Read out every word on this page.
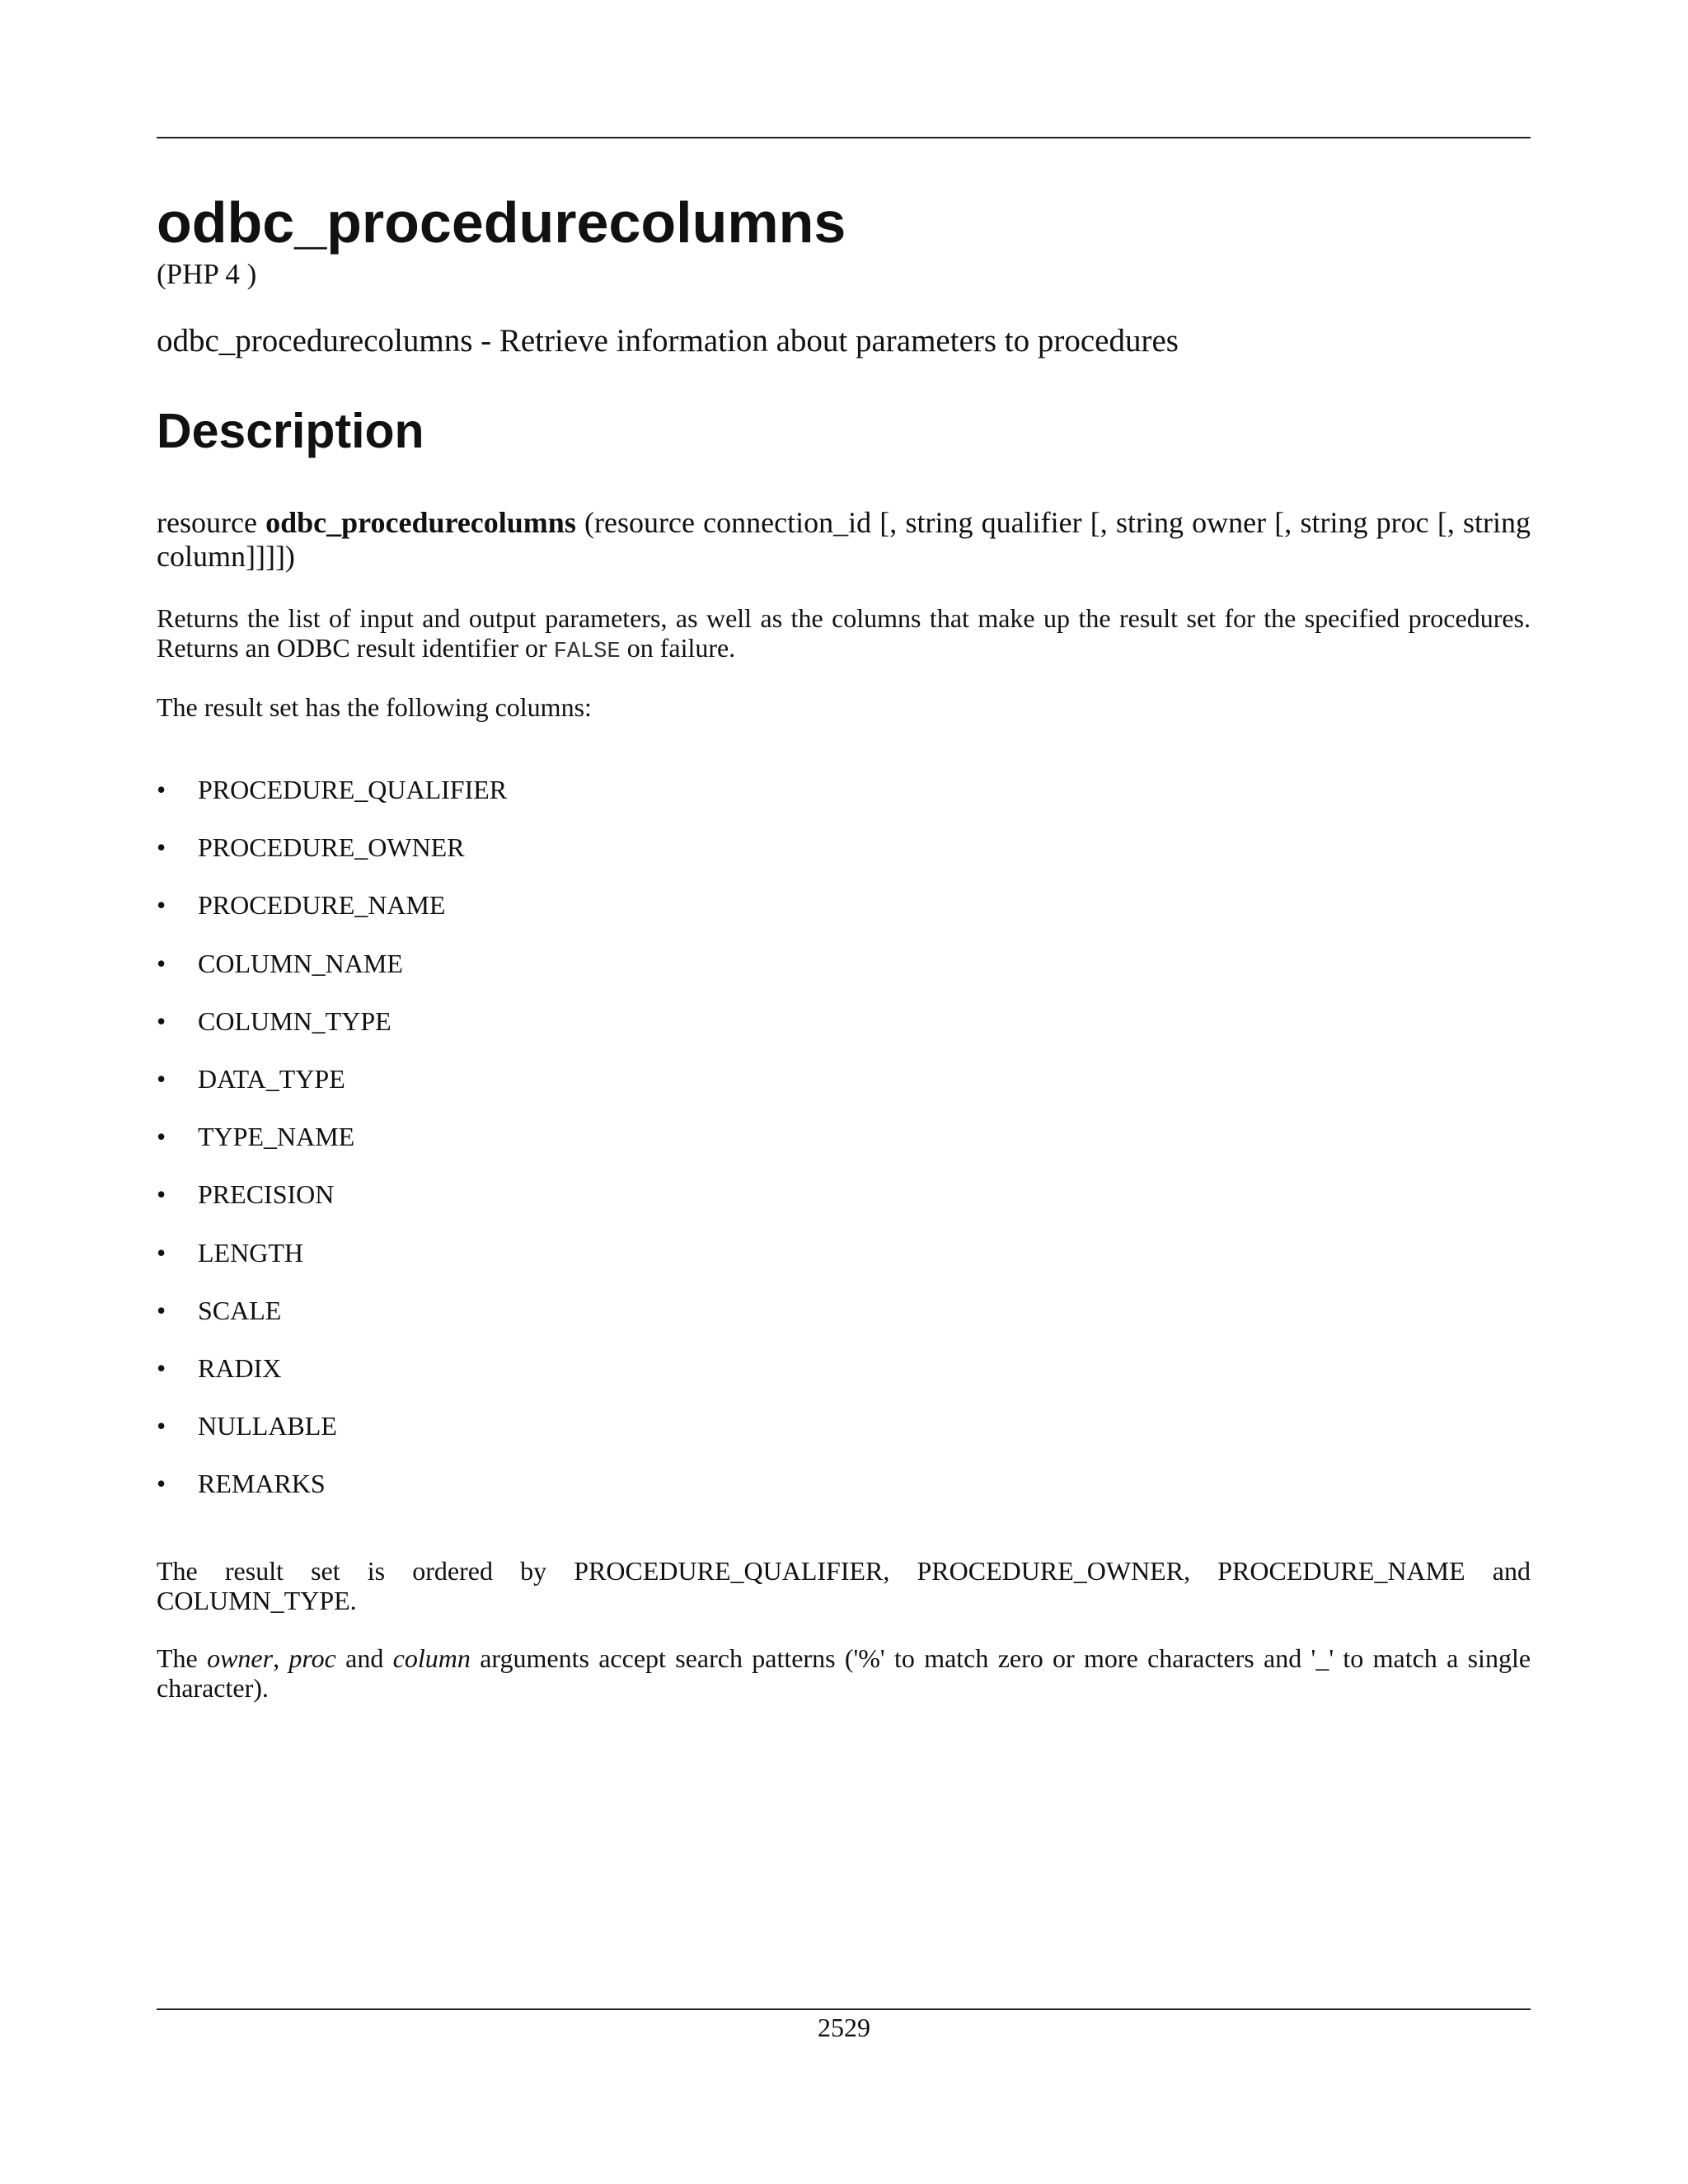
odbc_procedurecolumns
(PHP 4 )
odbc_procedurecolumns - Retrieve information about parameters to procedures
Description
resource odbc_procedurecolumns (resource connection_id [, string qualifier [, string owner [, string proc [, string column]]]])
Returns the list of input and output parameters, as well as the columns that make up the result set for the specified procedures. Returns an ODBC result identifier or FALSE on failure.
The result set has the following columns:
•	PROCEDURE_QUALIFIER
•	PROCEDURE_OWNER
•	PROCEDURE_NAME
•	COLUMN_NAME
•	COLUMN_TYPE
•	DATA_TYPE
•	TYPE_NAME
•	PRECISION
•	LENGTH
•	SCALE
•	RADIX
•	NULLABLE
•	REMARKS
The result set is ordered by PROCEDURE_QUALIFIER, PROCEDURE_OWNER, PROCEDURE_NAME and COLUMN_TYPE.
The owner, proc and column arguments accept search patterns ('%' to match zero or more characters and '_' to match a single character).
2529
